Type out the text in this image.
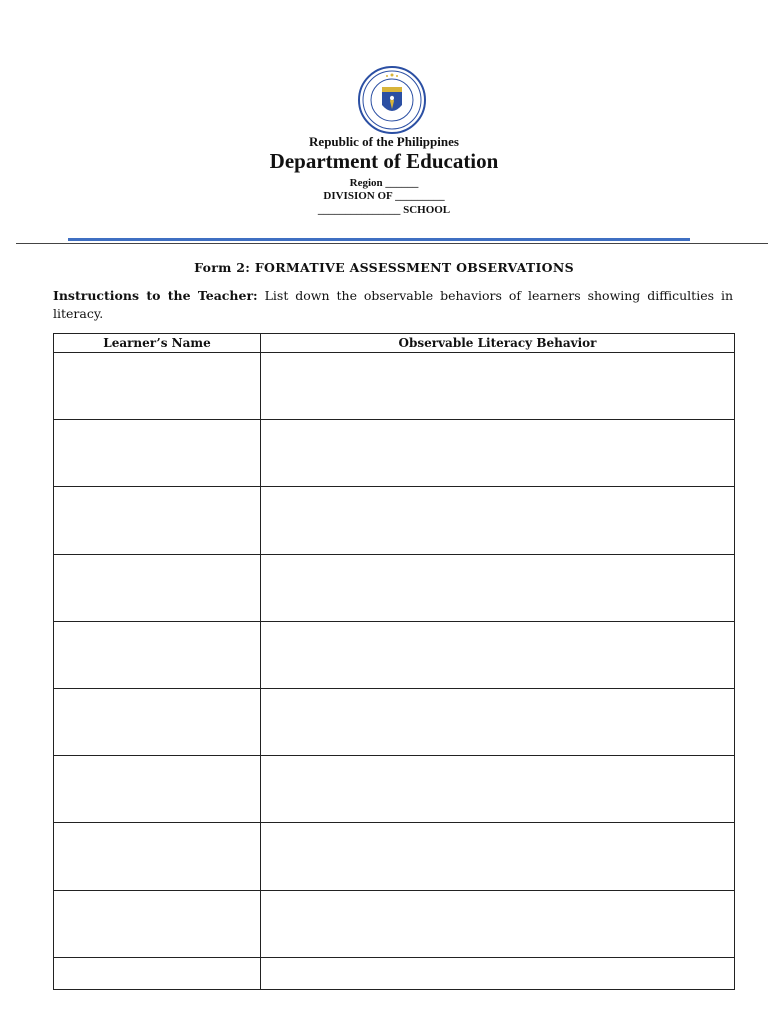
Republic of the Philippines
Department of Education
Region ______
DIVISION OF _________
_______________ SCHOOL
Form 2: FORMATIVE ASSESSMENT OBSERVATIONS
Instructions to the Teacher: List down the observable behaviors of learners showing difficulties in literacy.
Learner’s Name	Observable Literacy Behavior
